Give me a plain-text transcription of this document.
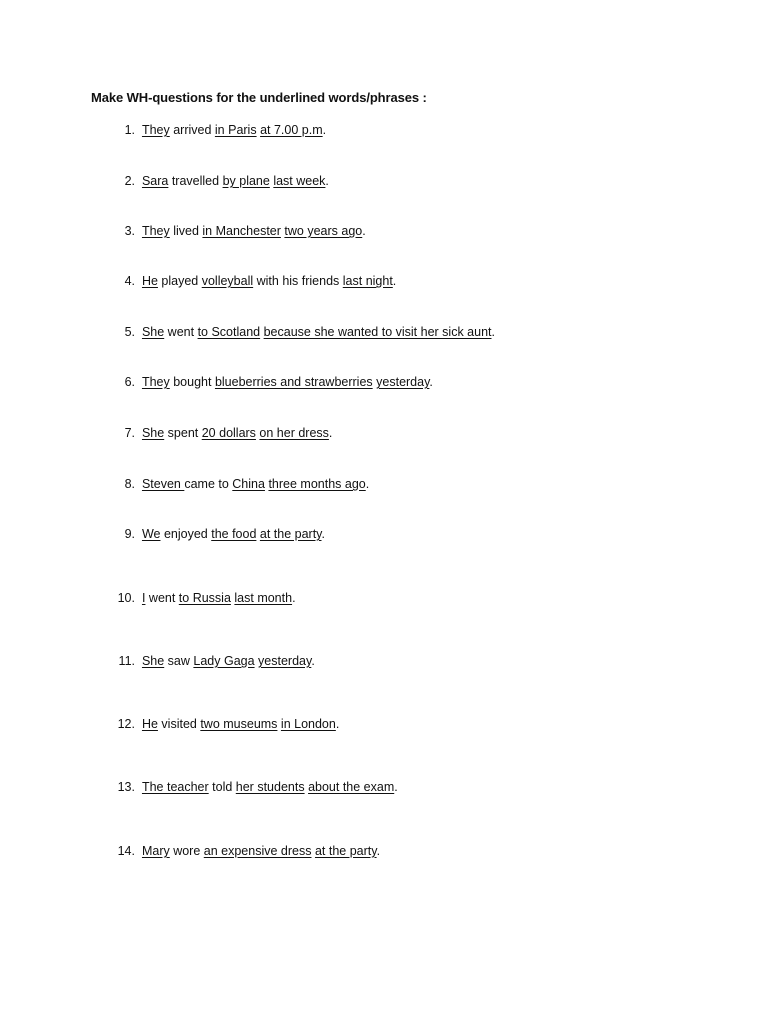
Make WH-questions for the underlined words/phrases :
1. They arrived in Paris at 7.00 p.m.
2. Sara travelled by plane last week.
3. They lived in Manchester two years ago.
4. He played volleyball with his friends last night.
5. She went to Scotland because she wanted to visit her sick aunt.
6. They bought blueberries and strawberries yesterday.
7. She spent 20 dollars on her dress.
8. Steven came to China three months ago.
9. We enjoyed the food at the party.
10. I went to Russia last month.
11. She saw Lady Gaga yesterday.
12. He visited two museums in London.
13. The teacher told her students about the exam.
14. Mary wore an expensive dress at the party.
